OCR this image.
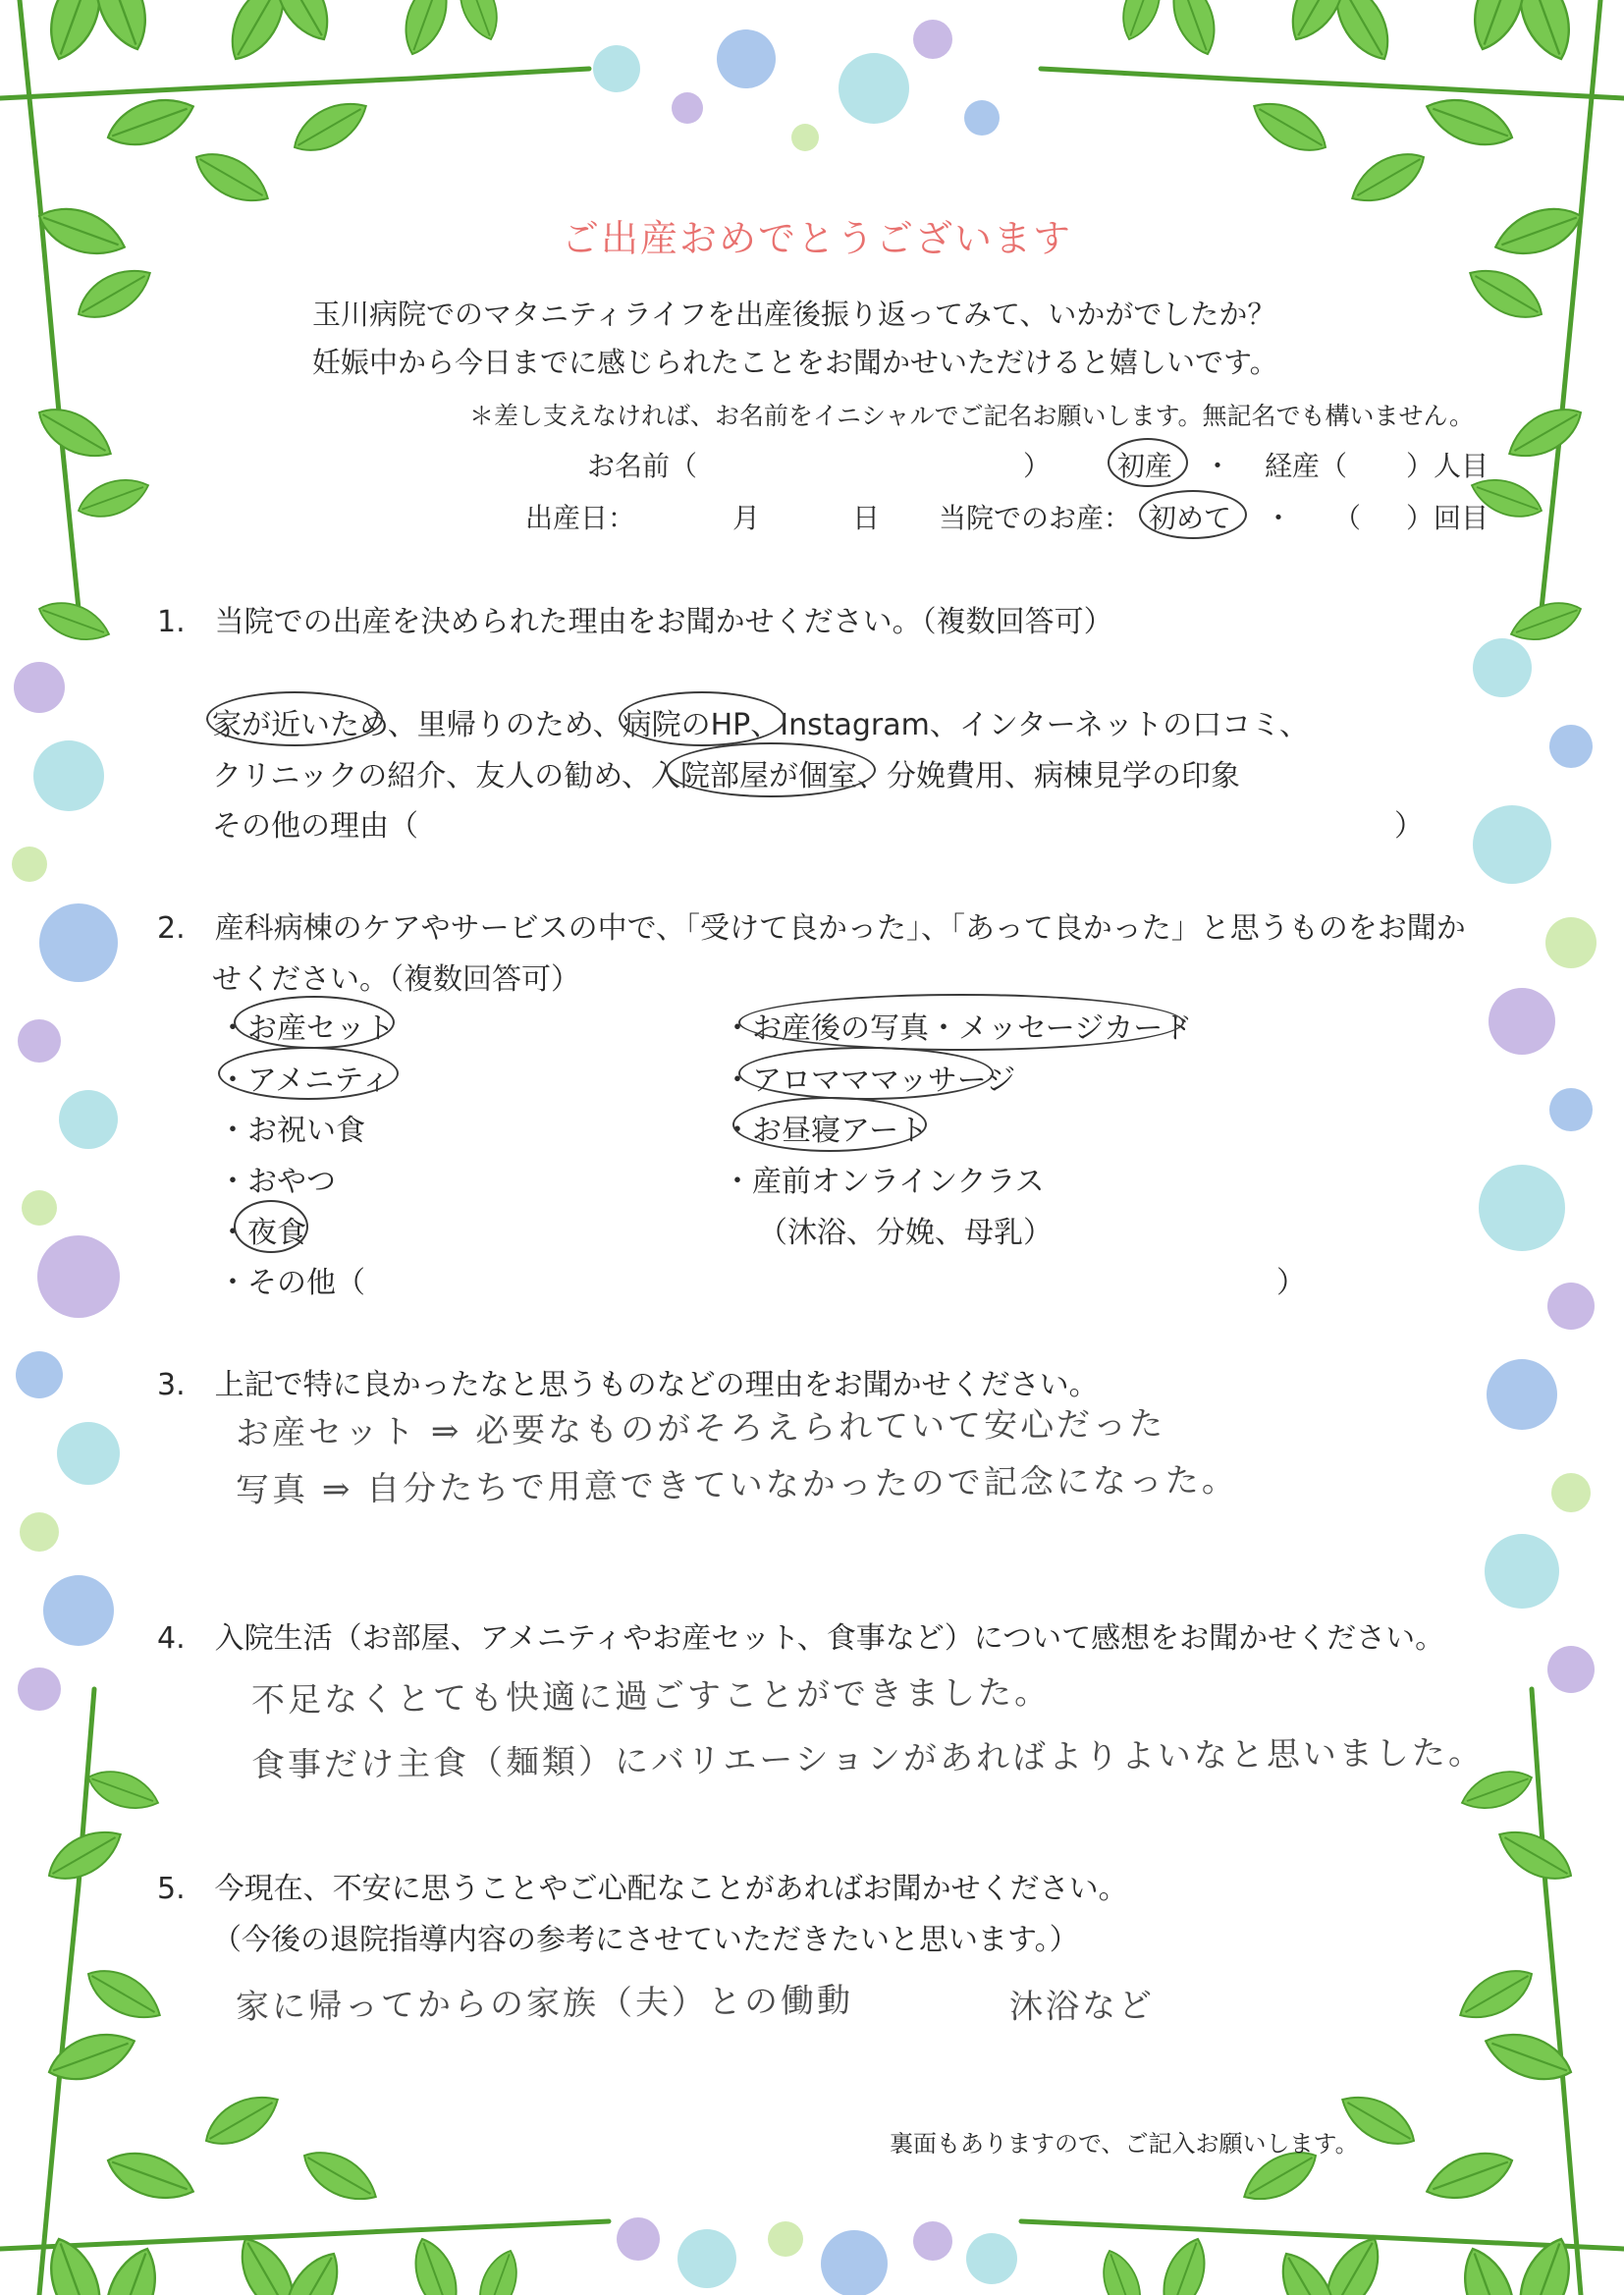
ご出産おめでとうございます
玉川病院でのマタニティライフを出産後振り返ってみて、いかがでしたか？
妊娠中から今日までに感じられたことをお聞かせいただけると嬉しいです。
＊差し支えなければ、お名前をイニシャルでご記名お願いします。無記名でも構いません。
お名前（	） 初産 ・ 経産（ ）人目
出産日：	月	日 当院でのお産： 初めて ・ （ ）回目
1.　当院での出産を決められた理由をお聞かせください。（複数回答可）
家が近いため、里帰りのため、病院のHP、Instagram、インターネットの口コミ、
クリニックの紹介、友人の勧め、入院部屋が個室、分娩費用、病棟見学の印象
その他の理由（	）
2.　産科病棟のケアやサービスの中で、「受けて良かった」、「あって良かった」と思うものをお聞か
せください。（複数回答可）
・お産セット
・アメニティ
・お祝い食
・おやつ
・夜食
・その他（	）
・お産後の写真・メッセージカード
・アロマママッサージ
・お昼寝アート
・産前オンラインクラス
（沐浴、分娩、母乳）
3.　上記で特に良かったなと思うものなどの理由をお聞かせください。
お産セット ⇒ 必要なものがそろえられていて安心だった
写真 ⇒ 自分たちで用意できていなかったので記念になった。
4.　入院生活（お部屋、アメニティやお産セット、食事など）について感想をお聞かせください。
不足なくとても快適に過ごすことができました。
食事だけ主食（麺類）にバリエーションがあればよりよいなと思いました。
5.　今現在、不安に思うことやご心配なことがあればお聞かせください。
（今後の退院指導内容の参考にさせていただきたいと思います。）
家に帰ってからの家族（夫）との働動	沐浴など
裏面もありますので、ご記入お願いします。
